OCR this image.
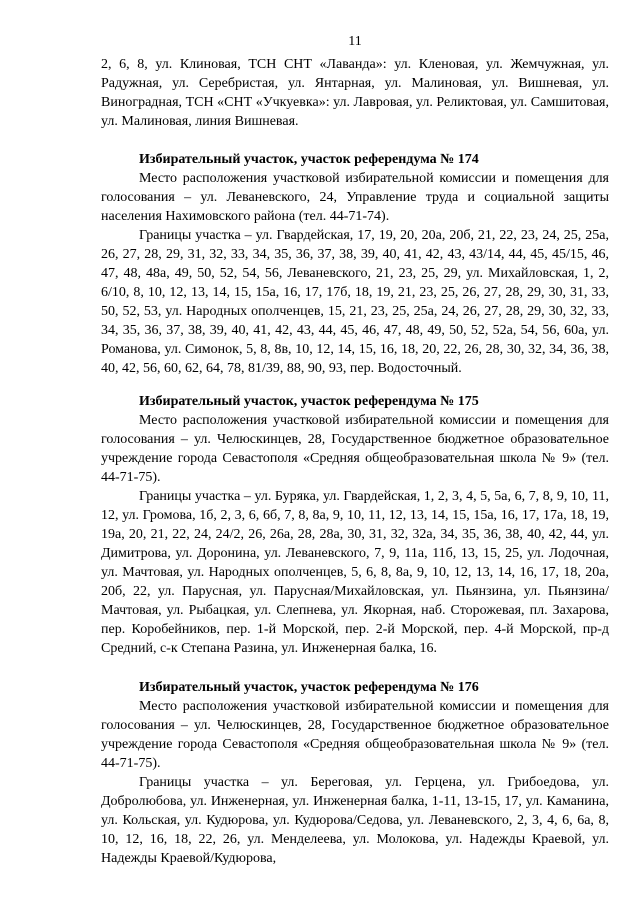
11

2, 6, 8, ул. Клиновая, ТСН СНТ «Лаванда»: ул. Кленовая, ул. Жемчужная, ул. Радужная, ул. Серебристая, ул. Янтарная, ул. Малиновая, ул. Вишневая, ул. Виноградная, ТСН «СНТ «Учкуевка»: ул. Лавровая, ул. Реликтовая, ул. Самшитовая, ул. Малиновая, линия Вишневая.

Избирательный участок, участок референдума № 174

Место расположения участковой избирательной комиссии и помещения для голосования – ул. Леваневского, 24, Управление труда и социальной защиты населения Нахимовского района (тел. 44-71-74).

Границы участка – ул. Гвардейская, 17, 19, 20, 20а, 20б, 21, 22, 23, 24, 25, 25а, 26, 27, 28, 29, 31, 32, 33, 34, 35, 36, 37, 38, 39, 40, 41, 42, 43, 43/14, 44, 45, 45/15, 46, 47, 48, 48а, 49, 50, 52, 54, 56, Леваневского, 21, 23, 25, 29, ул. Михайловская, 1, 2, 6/10, 8, 10, 12, 13, 14, 15, 15а, 16, 17, 17б, 18, 19, 21, 23, 25, 26, 27, 28, 29, 30, 31, 33, 50, 52, 53, ул. Народных ополченцев, 15, 21, 23, 25, 25а, 24, 26, 27, 28, 29, 30, 32, 33, 34, 35, 36, 37, 38, 39, 40, 41, 42, 43, 44, 45, 46, 47, 48, 49, 50, 52, 52а, 54, 56, 60а, ул. Романова, ул. Симонок, 5, 8, 8в, 10, 12, 14, 15, 16, 18, 20, 22, 26, 28, 30, 32, 34, 36, 38, 40, 42, 56, 60, 62, 64, 78, 81/39, 88, 90, 93, пер. Водосточный.

Избирательный участок, участок референдума № 175

Место расположения участковой избирательной комиссии и помещения для голосования – ул. Челюскинцев, 28, Государственное бюджетное образовательное учреждение города Севастополя «Средняя общеобразовательная школа № 9» (тел. 44-71-75).

Границы участка – ул. Буряка, ул. Гвардейская, 1, 2, 3, 4, 5, 5а, 6, 7, 8, 9, 10, 11, 12, ул. Громова, 1б, 2, 3, 6, 6б, 7, 8, 8а, 9, 10, 11, 12, 13, 14, 15, 15а, 16, 17, 17а, 18, 19, 19а, 20, 21, 22, 24, 24/2, 26, 26а, 28, 28а, 30, 31, 32, 32а, 34, 35, 36, 38, 40, 42, 44, ул. Димитрова, ул. Доронина, ул. Леваневского, 7, 9, 11а, 11б, 13, 15, 25, ул. Лодочная, ул. Мачтовая, ул. Народных ополченцев, 5, 6, 8, 8а, 9, 10, 12, 13, 14, 16, 17, 18, 20а, 20б, 22, ул. Парусная, ул. Парусная/Михайловская, ул. Пьянзина, ул. Пьянзина/ Мачтовая, ул. Рыбацкая, ул. Слепнева, ул. Якорная, наб. Сторожевая, пл. Захарова, пер. Коробейников, пер. 1-й Морской, пер. 2-й Морской, пер. 4-й Морской, пр-д Средний, с-к Степана Разина, ул. Инженерная балка, 16.

Избирательный участок, участок референдума № 176

Место расположения участковой избирательной комиссии и помещения для голосования – ул. Челюскинцев, 28, Государственное бюджетное образовательное учреждение города Севастополя «Средняя общеобразовательная школа № 9» (тел. 44-71-75).

Границы участка – ул. Береговая, ул. Герцена, ул. Грибоедова, ул. Добролюбова, ул. Инженерная, ул. Инженерная балка, 1-11, 13-15, 17, ул. Каманина, ул. Кольская, ул. Кудюрова, ул. Кудюрова/Седова, ул. Леваневского, 2, 3, 4, 6, 6а, 8, 10, 12, 16, 18, 22, 26, ул. Менделеева, ул. Молокова, ул. Надежды Краевой, ул. Надежды Краевой/Кудюрова,
